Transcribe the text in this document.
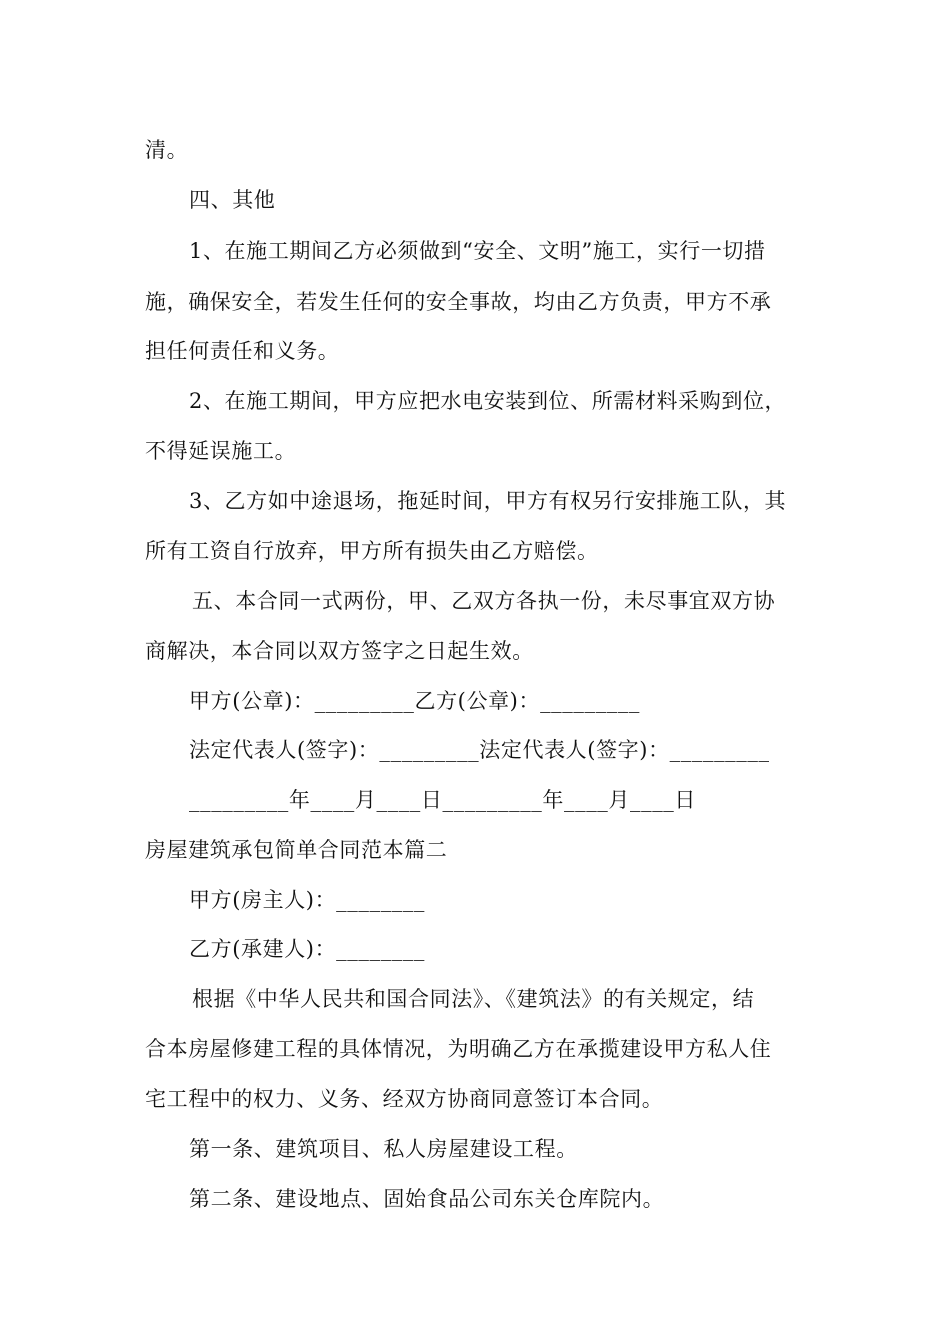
清。
四、其他
1、在施工期间乙方必须做到“安全、文明”施工，实行一切措
施，确保安全，若发生任何的安全事故，均由乙方负责，甲方不承
担任何责任和义务。
2、在施工期间，甲方应把水电安装到位、所需材料采购到位，
不得延误施工。
3、乙方如中途退场，拖延时间，甲方有权另行安排施工队，其
所有工资自行放弃，甲方所有损失由乙方赔偿。
五、本合同一式两份，甲、乙双方各执一份，未尽事宜双方协
商解决，本合同以双方签字之日起生效。
甲方(公章)：_________乙方(公章)：_________
法定代表人(签字)：_________法定代表人(签字)：_________
_________年____月____日_________年____月____日
房屋建筑承包简单合同范本篇二
甲方(房主人)：________
乙方(承建人)：________
根据《中华人民共和国合同法》、《建筑法》的有关规定，结
合本房屋修建工程的具体情况，为明确乙方在承揽建设甲方私人住
宅工程中的权力、义务、经双方协商同意签订本合同。
第一条、建筑项目、私人房屋建设工程。
第二条、建设地点、固始食品公司东关仓库院内。
